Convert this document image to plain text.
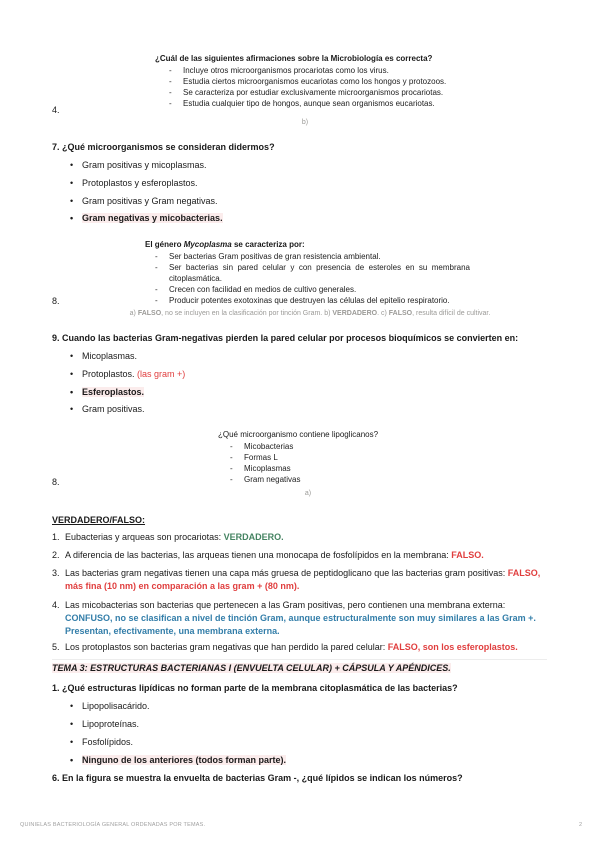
¿Cuál de las siguientes afirmaciones sobre la Microbiología es correcta?
- Incluye otros microorganismos procariotas como los virus.
- Estudia ciertos microorganismos eucariotas como los hongos y protozoos.
- Se caracteriza por estudiar exclusivamente microorganismos procariotas.
- Estudia cualquier tipo de hongos, aunque sean organismos eucariotas.
4.
b)
7. ¿Qué microorganismos se consideran didermos?
• Gram positivas y micoplasmas.
• Protoplastos y esferoplastos.
• Gram positivas y Gram negativas.
• Gram negativas y micobacterias.
El género Mycoplasma se caracteriza por:
- Ser bacterias Gram positivas de gran resistencia ambiental.
- Ser bacterias sin pared celular y con presencia de esteroles en su membrana citoplasmática.
- Crecen con facilidad en medios de cultivo generales.
- Producir potentes exotoxinas que destruyen las células del epitelio respiratorio.
8.
a) FALSO, no se incluyen en la clasificación por tinción Gram. b) VERDADERO. c) FALSO, resulta difícil de cultivar.
9. Cuando las bacterias Gram-negativas pierden la pared celular por procesos bioquímicos se convierten en:
• Micoplasmas.
• Protoplastos. (las gram +)
• Esferoplastos.
• Gram positivas.
¿Qué microorganismo contiene lipoglicanos?
- Micobacterias
- Formas L
- Micoplasmas
- Gram negativas
8.
a)
VERDADERO/FALSO:
1. Eubacterias y arqueas son procariotas: VERDADERO.
2. A diferencia de las bacterias, las arqueas tienen una monocapa de fosfolípidos en la membrana: FALSO.
3. Las bacterias gram negativas tienen una capa más gruesa de peptidoglicano que las bacterias gram positivas: FALSO, más fina (10 nm) en comparación a las gram + (80 nm).
4. Las micobacterias son bacterias que pertenecen a las Gram positivas, pero contienen una membrana externa: CONFUSO, no se clasifican a nivel de tinción Gram, aunque estructuralmente son muy similares a las Gram +. Presentan, efectivamente, una membrana externa.
5. Los protoplastos son bacterias gram negativas que han perdido la pared celular: FALSO, son los esferoplastos.
TEMA 3: ESTRUCTURAS BACTERIANAS I (ENVUELTA CELULAR) + CÁPSULA Y APÉNDICES.
1. ¿Qué estructuras lipídicas no forman parte de la membrana citoplasmática de las bacterias?
• Lipopolisacárido.
• Lipoproteínas.
• Fosfolípidos.
• Ninguno de los anteriores (todos forman parte).
6. En la figura se muestra la envuelta de bacterias Gram -, ¿qué lípidos se indican los números?
QUINIELAS BACTERIOLOGÍA GENERAL ORDENADAS POR TEMAS.	2
